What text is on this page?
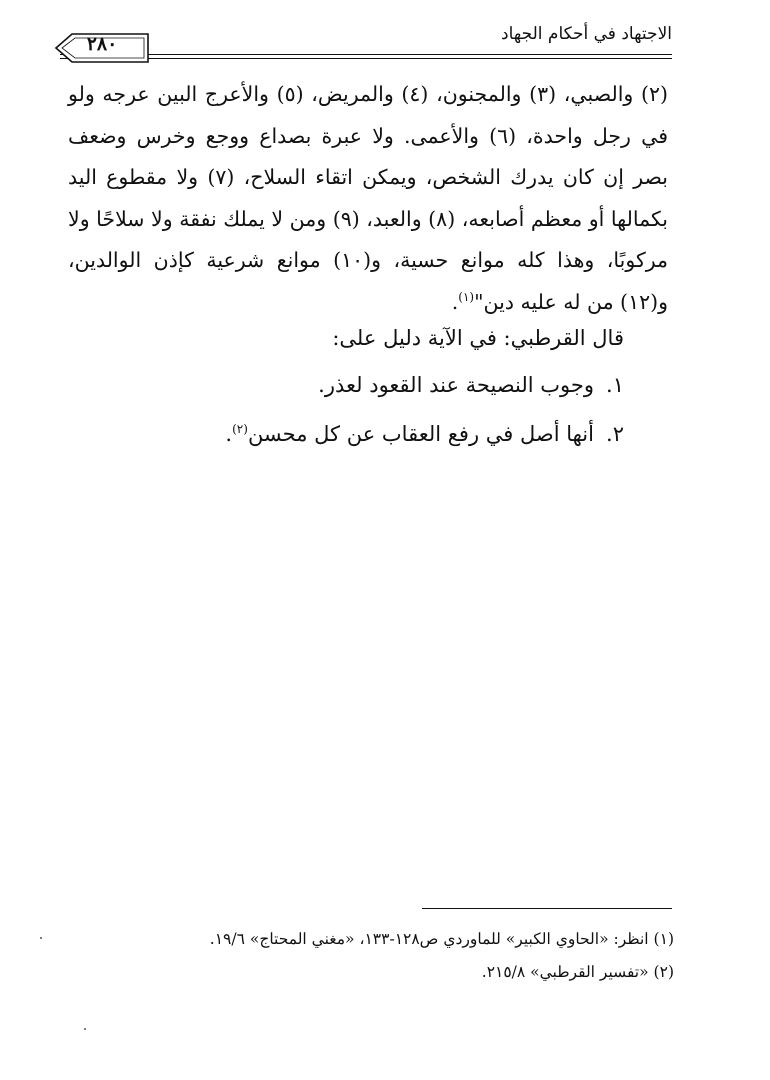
الاجتهاد في أحكام الجهاد
٢٨٠

(٢) والصبي، (٣) والمجنون، (٤) والمريض، (٥) والأعرج البين عرجه ولو في رجل واحدة، (٦) والأعمى. ولا عبرة بصداع ووجع وخرس وضعف بصر إن كان يدرك الشخص، ويمكن اتقاء السلاح، (٧) ولا مقطوع اليد بكمالها أو معظم أصابعه، (٨) والعبد، (٩) ومن لا يملك نفقة ولا سلاحًا ولا مركوبًا، وهذا كله موانع حسية، و(١٠) موانع شرعية كإذن الوالدين، و(١٢) من له عليه دين"$^{(١)}$.

قال القرطبي: في الآية دليل على:
١.وجوب النصيحة عند القعود لعذر.
٢.أنها أصل في رفع العقاب عن كل محسن$^{(٢)}$.
(١) انظر: «الحاوي الكبير» للماوردي ص١٢٨-١٣٣، «مغني المحتاج» ١٩/٦.
(٢) «تفسير القرطبي» ٢١٥/٨.
